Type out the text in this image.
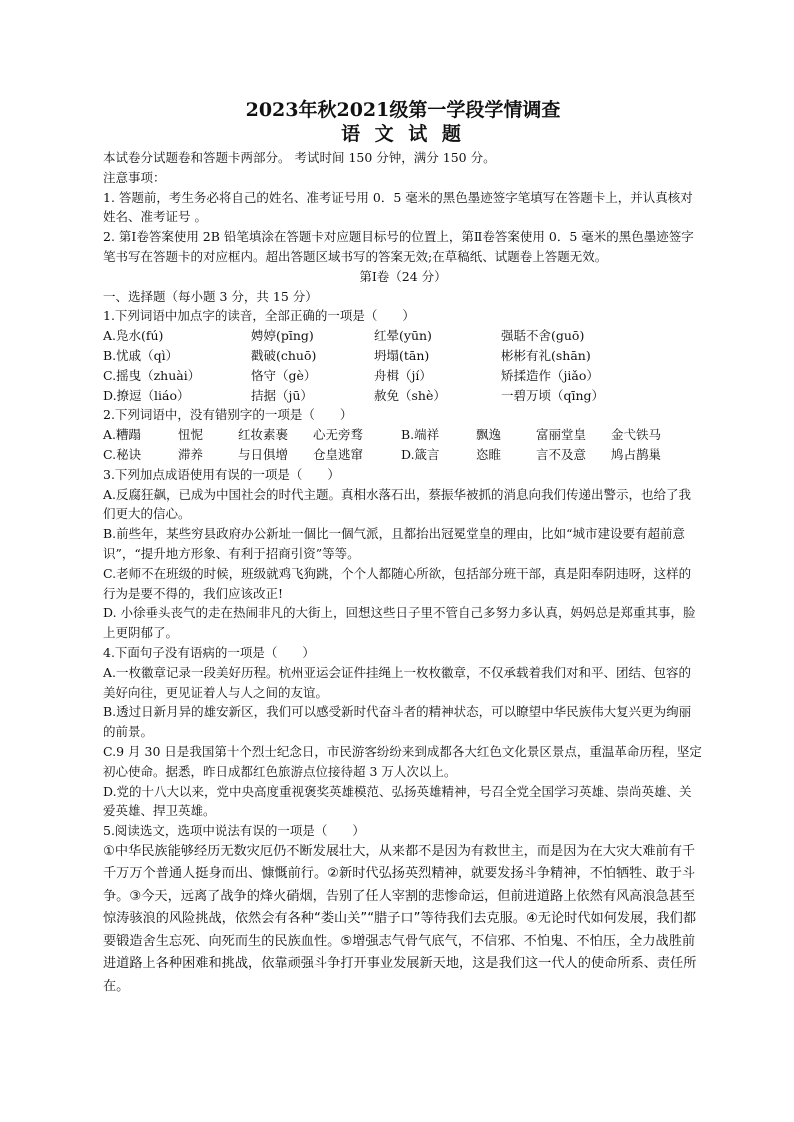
2023年秋2021级第一学段学情调查
语 文 试 题

本试卷分试题卷和答题卡两部分。 考试时间 150 分钟，满分 150 分。

注意事项：

1. 答题前，考生务必将自己的姓名、准考证号用 0．5 毫米的黑色墨迹签字笔填写在答题卡上，并认真核对姓名、准考证号 。

2. 第Ⅰ卷答案使用 2B 铅笔填涂在答题卡对应题目标号的位置上，第Ⅱ卷答案使用 0．5 毫米的黑色墨迹签字笔书写在答题卡的对应框内。超出答题区域书写的答案无效;在草稿纸、试题卷上答题无效。

第Ⅰ卷（24 分）

一、选择题（每小题 3 分，共 15 分）

1.下列词语中加点字的读音，全部正确的一项是（　　）

A.凫水(fú)	娉婷(pīng)	红晕(yūn)	强聒不舍(guō)
B.忧戚（qì）	戳破(chuō)	坍塌(tān)	彬彬有礼(shān)
C.摇曳（zhuài）	恪守（gè）	舟楫（jí）	矫揉造作（jiǎo）
D.撩逗（liáo）	拮据（jū）	赦免（shè）	一碧万顷（qīng）

2.下列词语中，没有错别字的一项是（　　）

A.糟蹋	忸怩	红妆素裹	心无旁骛	B.端祥	飘逸	富丽堂皇	金弋铁马
C.秘诀	滞养	与日俱增	仓皇逃窜	D.箴言	恣睢	言不及意	鸠占鹊巢

3.下列加点成语使用有误的一项是（　　）

A.反腐狂飙，已成为中国社会的时代主题。真相水落石出，蔡振华被抓的消息向我们传递出警示，也给了我们更大的信心。

B.前些年，某些穷县政府办公新址一個比一個气派，且都抬出冠冕堂皇的理由，比如“城市建设要有超前意识”，“提升地方形象、有利于招商引资”等等。

C.老师不在班级的时候，班级就鸡飞狗跳，个个人都随心所欲，包括部分班干部，真是阳奉阴违呀，这样的行为是要不得的，我们应该改正!

D. 小徐垂头丧气的走在热闹非凡的大街上，回想这些日子里不管自己多努力多认真，妈妈总是郑重其事，脸上更阴郁了。

4.下面句子没有语病的一项是（　　）

A.一枚徽章记录一段美好历程。杭州亚运会证件挂绳上一枚枚徽章，不仅承载着我们对和平、团结、包容的美好向往，更见证着人与人之间的友谊。

B.透过日新月异的雄安新区，我们可以感受新时代奋斗者的精神状态，可以瞭望中华民族伟大复兴更为绚丽的前景。

C.9 月 30 日是我国第十个烈士纪念日，市民游客纷纷来到成都各大红色文化景区景点，重温革命历程，坚定初心使命。据悉，昨日成都红色旅游点位接待超 3 万人次以上。

D.党的十八大以来，党中央高度重视褒奖英雄模范、弘扬英雄精神，号召全党全国学习英雄、崇尚英雄、关爱英雄、捍卫英雄。

5.阅读选文，选项中说法有误的一项是（　　）

①中华民族能够经历无数灾厄仍不断发展壮大，从来都不是因为有救世主，而是因为在大灾大难前有千千万万个普通人挺身而出、慷慨前行。②新时代弘扬英烈精神，就要发扬斗争精神，不怕牺牲、敢于斗争。③今天，远离了战争的烽火硝烟，告别了任人宰割的悲惨命运，但前进道路上依然有风高浪急甚至惊涛骇浪的风险挑战，依然会有各种“娄山关”“腊子口”等待我们去克服。④无论时代如何发展，我们都要锻造舍生忘死、向死而生的民族血性。⑤增强志气骨气底气，不信邪、不怕鬼、不怕压，全力战胜前进道路上各种困难和挑战，依靠顽强斗争打开事业发展新天地，这是我们这一代人的使命所系、责任所在。
